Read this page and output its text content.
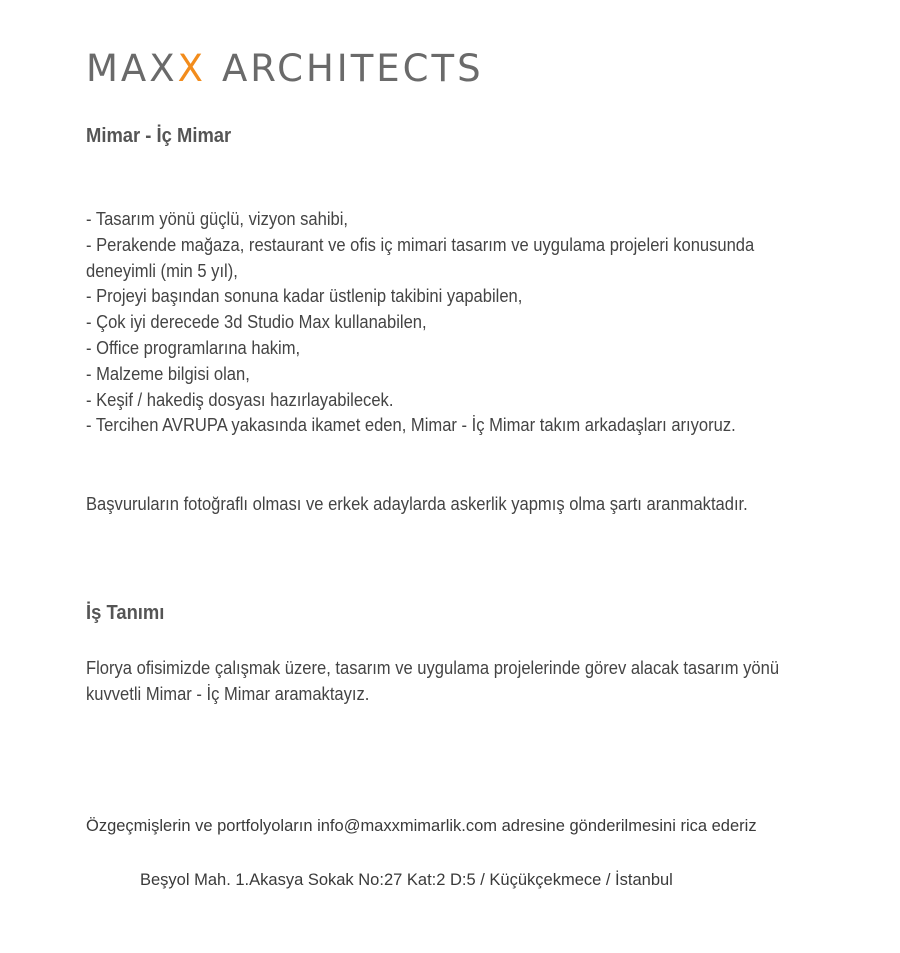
MAX X ARCHITECTS
Mimar - İç Mimar
- Tasarım yönü güçlü, vizyon sahibi,
- Perakende mağaza, restaurant ve ofis iç mimari tasarım ve uygulama projeleri konusunda deneyimli (min 5 yıl),
- Projeyi başından sonuna kadar üstlenip takibini yapabilen,
- Çok iyi derecede 3d Studio Max kullanabilen,
- Office programlarına hakim,
- Malzeme bilgisi olan,
- Keşif / hakediş dosyası hazırlayabilecek.
- Tercihen AVRUPA yakasında ikamet eden, Mimar - İç Mimar takım arkadaşları arıyoruz.

Başvuruların fotoğraflı olması ve erkek adaylarda askerlik yapmış olma şartı aranmaktadır.

İş Tanımı

Florya ofisimizde çalışmak üzere, tasarım ve uygulama projelerinde görev alacak tasarım yönü kuvvetli Mimar - İç Mimar aramaktayız.

Özgeçmişlerin ve portfolyoların info@maxxmimarlik.com adresine gönderilmesini rica ederiz

Beşyol Mah. 1.Akasya Sokak No:27 Kat:2 D:5 / Küçükçekmece / İstanbul
